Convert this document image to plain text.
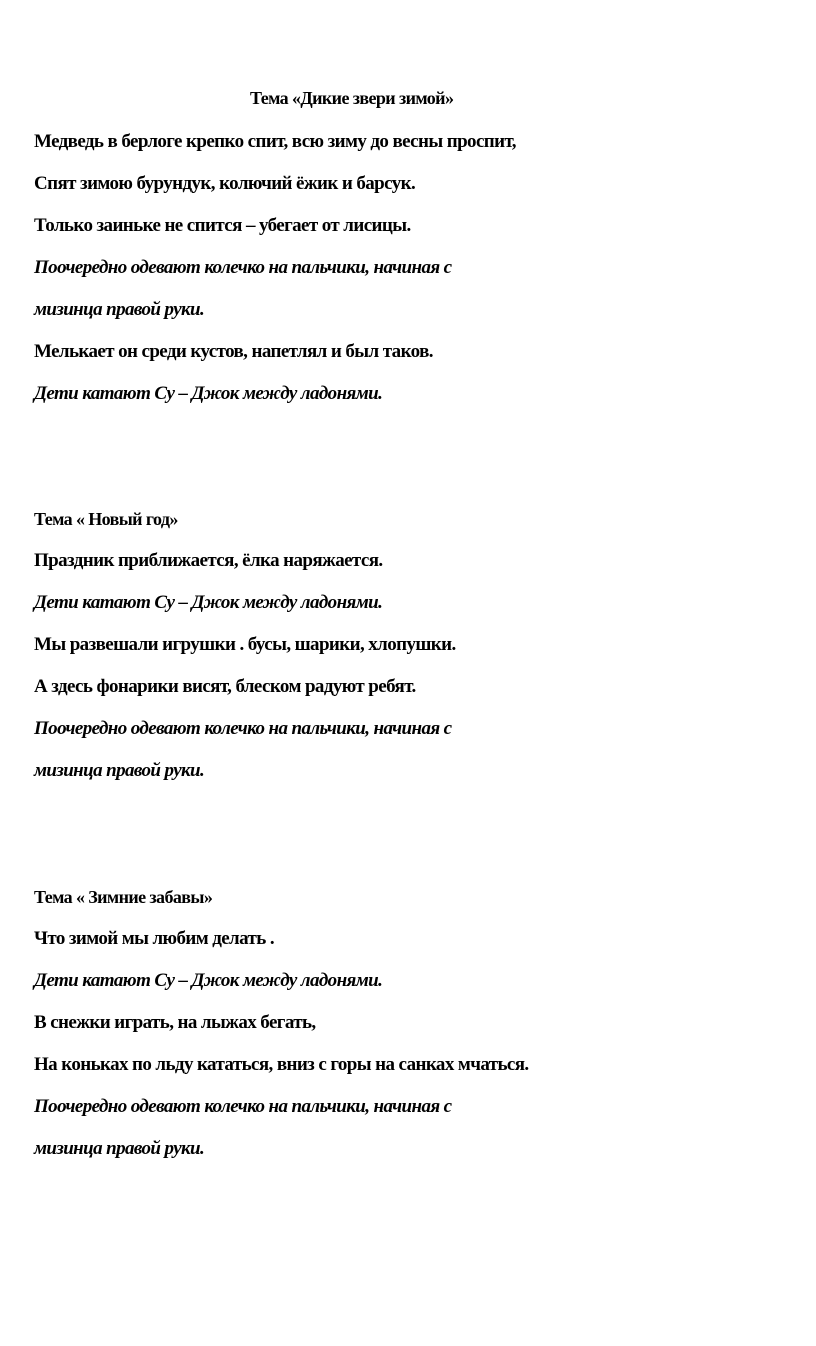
Тема «Дикие звери зимой»
Медведь в берлоге крепко спит, всю зиму до весны проспит,
Спят зимою бурундук, колючий ёжик и барсук.
Только заиньке не спится – убегает от лисицы.
Поочередно одевают колечко на пальчики, начиная с
мизинца правой руки.
Мелькает он среди кустов, напетлял и был таков.
Дети катают Су – Джок между ладонями.
Тема « Новый год»
Праздник приближается, ёлка наряжается.
Дети катают Су – Джок между ладонями.
Мы развешали игрушки . бусы, шарики, хлопушки.
А здесь фонарики висят, блеском радуют ребят.
Поочередно одевают колечко на пальчики, начиная с
мизинца правой руки.
Тема « Зимние забавы»
Что зимой мы любим делать .
Дети катают Су – Джок между ладонями.
В снежки играть, на лыжах бегать,
На коньках по льду кататься, вниз с горы на санках мчаться.
Поочередно одевают колечко на пальчики, начиная с
мизинца правой руки.
